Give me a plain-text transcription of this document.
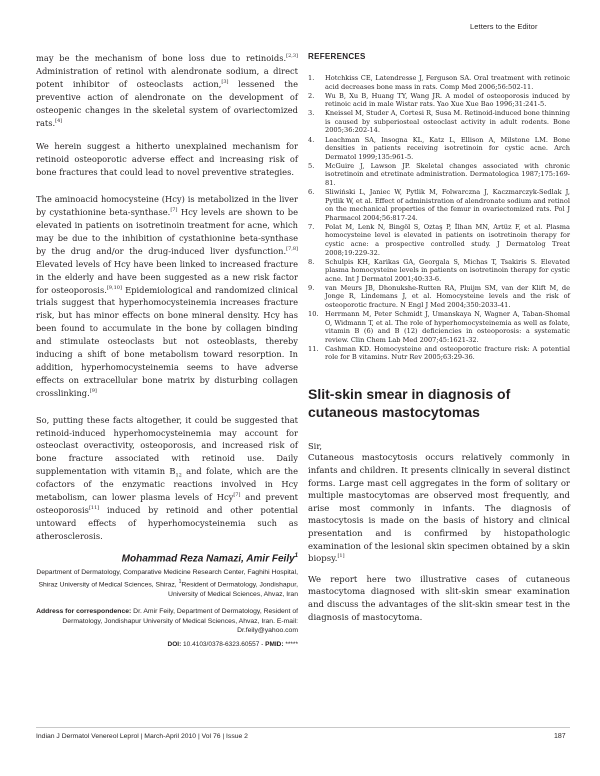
Letters to the Editor

may be the mechanism of bone loss due to retinoids.[2,3] Administration of retinol with alendronate sodium, a direct potent inhibitor of osteoclasts action,[3] lessened the preventive action of alendronate on the development of osteopenic changes in the skeletal system of ovariectomized rats.[4]

We herein suggest a hitherto unexplained mechanism for retinoid osteoporotic adverse effect and increasing risk of bone fractures that could lead to novel preventive strategies.

The aminoacid homocysteine (Hcy) is metabolized in the liver by cystathionine beta-synthase.[7] Hcy levels are shown to be elevated in patients on isotretinoin treatment for acne, which may be due to the inhibition of cystathionine beta-synthase by the drug and/or the drug-induced liver dysfunction.[7,8] Elevated levels of Hcy have been linked to increased fracture in the elderly and have been suggested as a new risk factor for osteoporosis.[9,10] Epidemiological and randomized clinical trials suggest that hyperhomocysteinemia increases fracture risk, but has minor effects on bone mineral density. Hcy has been found to accumulate in the bone by collagen binding and stimulate osteoclasts but not osteoblasts, thereby inducing a shift of bone metabolism toward resorption. In addition, hyperhomocysteinemia seems to have adverse effects on extracellular bone matrix by disturbing collagen crosslinking.[9]

So, putting these facts altogether, it could be suggested that retinoid-induced hyperhomocysteinemia may account for osteoclast overactivity, osteoporosis, and increased risk of bone fracture associated with retinoid use. Daily supplementation with vitamin $B_{12}$ and folate, which are the cofactors of the enzymatic reactions involved in Hcy metabolism, can lower plasma levels of Hcy[7] and prevent osteoporosis[11] induced by retinoid and other potential untoward effects of hyperhomocysteinemia such as atherosclerosis.

Mohammad Reza Namazi, Amir Feily$^1$

Department of Dermatology, Comparative Medicine Research Center, Faghihi Hospital, Shiraz University of Medical Sciences, Shiraz, $^1$Resident of Dermatology, Jondishapur, University of Medical Sciences, Ahvaz, Iran

Address for correspondence: Dr. Amir Feily, Department of Dermatology, Resident of Dermatology, Jondishapur University of Medical Sciences, Ahvaz, Iran. E-mail: Dr.feily@yahoo.com

DOI: 10.4103/0378-6323.60557 - PMID: *****

REFERENCES

1.	Hotchkiss CE, Latendresse J, Ferguson SA. Oral treatment with retinoic acid decreases bone mass in rats. Comp Med 2006;56:502-11.
2.	Wu B, Xu B, Huang TY, Wang JR. A model of osteoporosis induced by retinoic acid in male Wistar rats. Yao Xue Xue Bao 1996;31:241-5.
3.	Kneissel M, Studer A, Cortesi R, Susa M. Retinoid-induced bone thinning is caused by subperiosteal osteoclast activity in adult rodents. Bone 2005;36:202-14.
4.	Leachman SA, Insogna KL, Katz L, Ellison A, Milstone LM. Bone densities in patients receiving isotretinoin for cystic acne. Arch Dermatol 1999;135:961-5.
5.	McGuire J, Lawson JP. Skeletal changes associated with chronic isotretinoin and etretinate administration. Dermatologica 1987;175:169-81.
6.	Sliwiński L, Janiec W, Pytlik M, Folwarczna J, Kaczmarczyk-Sedlak J, Pytlik W, et al. Effect of administration of alendronate sodium and retinol on the mechanical properties of the femur in ovariectomized rats. Pol J Pharmacol 2004;56:817-24.
7.	Polat M, Lenk N, Bingöl S, Oztaş P, İlhan MN, Artüz F, et al. Plasma homocysteine level is elevated in patients on isotretinoin therapy for cystic acne: a prospective controlled study. J Dermatolog Treat 2008;19:229-32.
8.	Schulpis KH, Karikas GA, Georgala S, Michas T, Tsakiris S. Elevated plasma homocysteine levels in patients on isotretinoin therapy for cystic acne. Int J Dermatol 2001;40:33-6.
9.	van Meurs JB, Dhonukshe-Rutten RA, Pluijm SM, van der Klift M, de Jonge R, Lindemans J, et al. Homocysteine levels and the risk of osteoporotic fracture. N Engl J Med 2004;350:2033-41.
10. Herrmann M, Peter Schmidt J, Umanskaya N, Wagner A, Taban-Shomal O, Widmann T, et al. The role of hyperhomocysteinemia as well as folate, vitamin B (6) and B (12) deficiencies in osteoporosis: a systematic review. Clin Chem Lab Med 2007;45:1621-32.
11. Cashman KD. Homocysteine and osteoporotic fracture risk: A potential role for B vitamins. Nutr Rev 2005;63:29-36.

Slit-skin smear in diagnosis of
cutaneous mastocytomas

Sir,

Cutaneous mastocytosis occurs relatively commonly in infants and children. It presents clinically in several distinct forms. Large mast cell aggregates in the form of solitary or multiple mastocytomas are observed most frequently, and arise most commonly in infants. The diagnosis of mastocytosis is made on the basis of history and clinical presentation and is confirmed by histopathologic examination of the lesional skin specimen obtained by a skin biopsy.[1]

We report here two illustrative cases of cutaneous mastocytoma diagnosed with slit-skin smear examination and discuss the advantages of the slit-skin smear test in the diagnosis of mastocytoma.

Indian J Dermatol Venereol Leprol | March-April 2010 | Vol 76 | Issue 2	187
